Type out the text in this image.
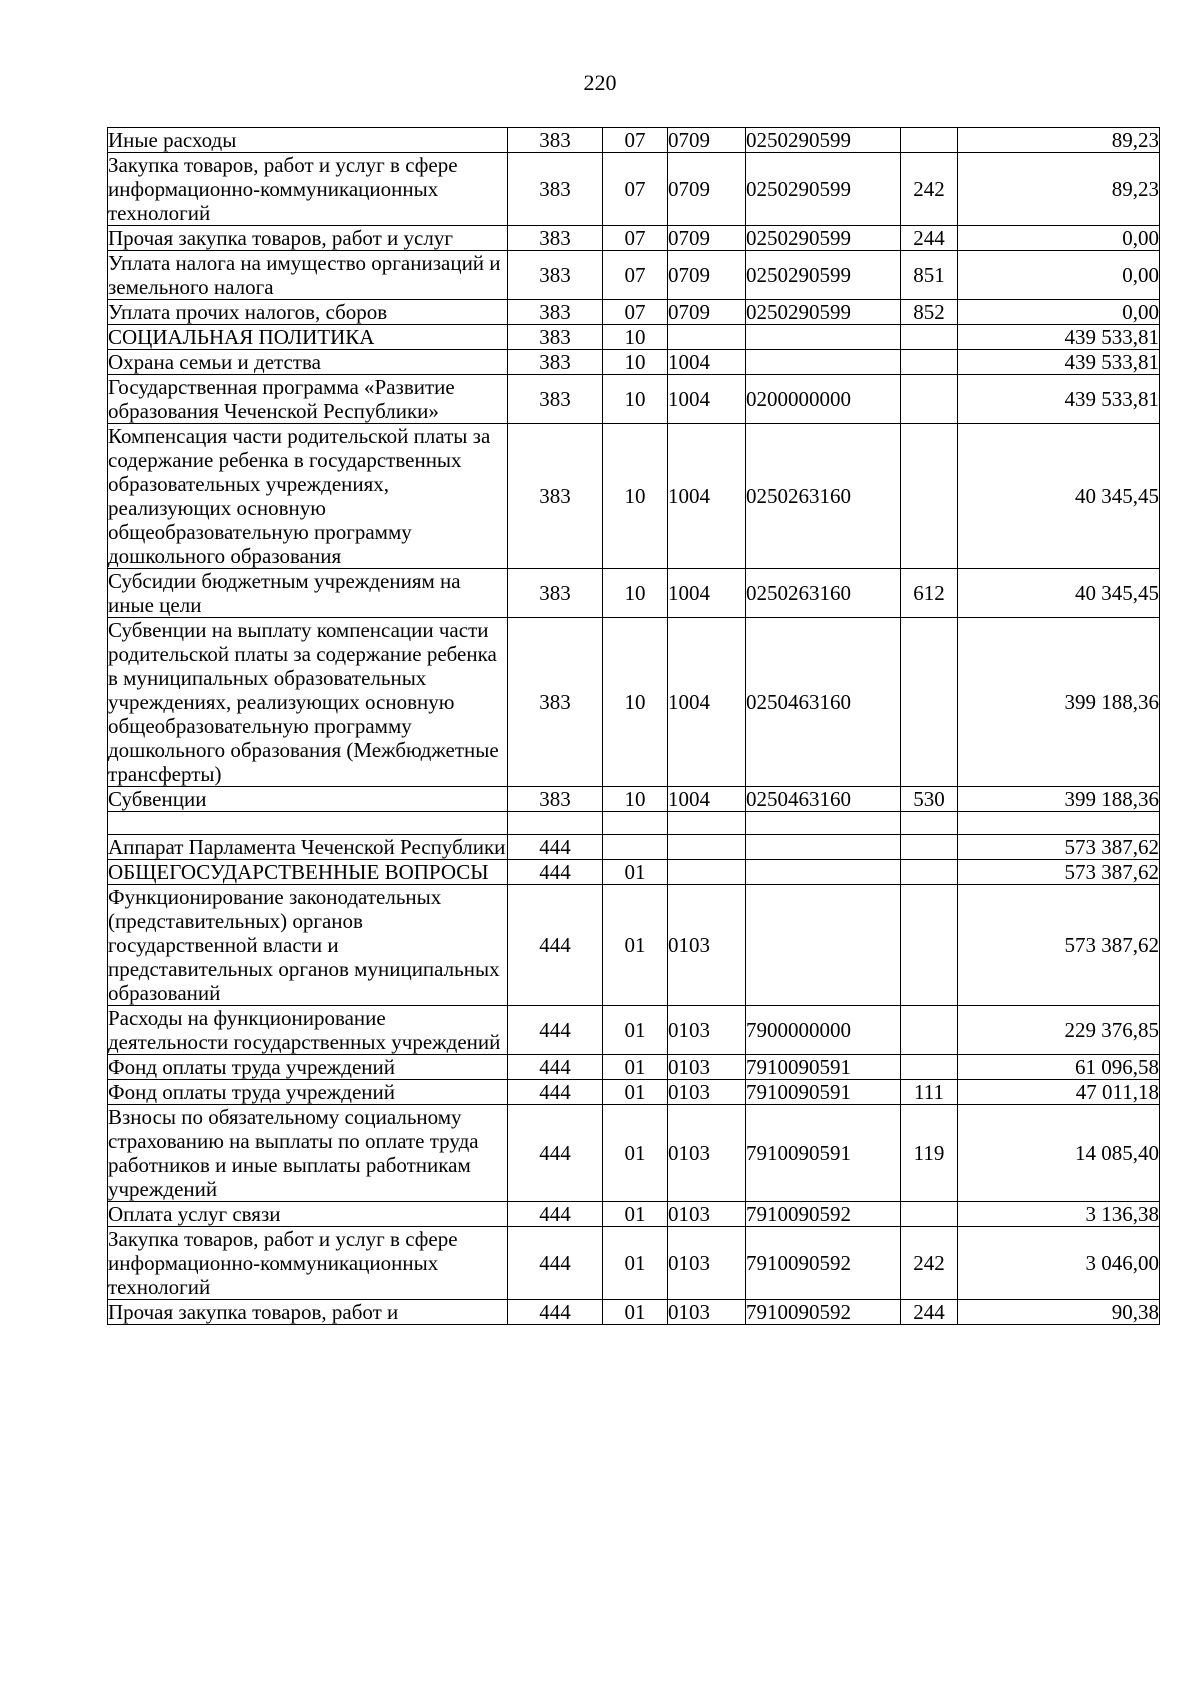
220
Иные расходы	383	07	0709	0250290599		89,23
Закупка товаров, работ и услуг в сфере информационно-коммуникационных технологий	383	07	0709	0250290599	242	89,23
Прочая закупка товаров, работ и услуг	383	07	0709	0250290599	244	0,00
Уплата налога на имущество организаций и земельного налога	383	07	0709	0250290599	851	0,00
Уплата прочих налогов, сборов	383	07	0709	0250290599	852	0,00
СОЦИАЛЬНАЯ ПОЛИТИКА	383	10				439 533,81
Охрана семьи и детства	383	10	1004			439 533,81
Государственная программа «Развитие образования Чеченской Республики»	383	10	1004	0200000000		439 533,81
Компенсация части родительской платы за содержание ребенка в государственных образовательных учреждениях, реализующих основную общеобразовательную программу дошкольного образования	383	10	1004	0250263160		40 345,45
Субсидии бюджетным учреждениям на иные цели	383	10	1004	0250263160	612	40 345,45
Субвенции на выплату компенсации части родительской платы за содержание ребенка в муниципальных образовательных учреждениях, реализующих основную общеобразовательную программу дошкольного образования (Межбюджетные трансферты)	383	10	1004	0250463160		399 188,36
Субвенции	383	10	1004	0250463160	530	399 188,36

Аппарат Парламента Чеченской Республики	444					573 387,62
ОБЩЕГОСУДАРСТВЕННЫЕ ВОПРОСЫ	444	01				573 387,62
Функционирование законодательных (представительных) органов государственной власти и представительных органов муниципальных образований	444	01	0103			573 387,62
Расходы на функционирование деятельности государственных учреждений	444	01	0103	7900000000		229 376,85
Фонд оплаты труда учреждений	444	01	0103	7910090591		61 096,58
Фонд оплаты труда учреждений	444	01	0103	7910090591	111	47 011,18
Взносы по обязательному социальному страхованию на выплаты по оплате труда работников и иные выплаты работникам учреждений	444	01	0103	7910090591	119	14 085,40
Оплата услуг связи	444	01	0103	7910090592		3 136,38
Закупка товаров, работ и услуг в сфере информационно-коммуникационных технологий	444	01	0103	7910090592	242	3 046,00
Прочая закупка товаров, работ и	444	01	0103	7910090592	244	90,38
